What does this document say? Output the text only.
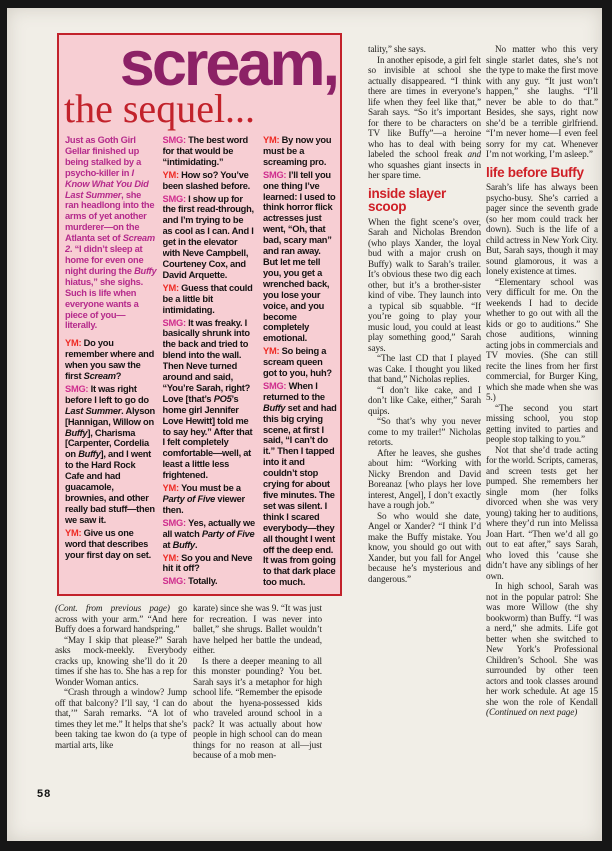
scream,
the sequel...

Just as Goth Girl Gellar finished up being stalked by a psycho-killer in I Know What You Did Last Summer, she ran headlong into the arms of yet another murderer—on the Atlanta set of Scream 2. “I didn’t sleep at home for even one night during the Buffy hiatus,” she sighs. Such is life when everyone wants a piece of you—literally.

YM: Do you remember where and when you saw the first Scream?

SMG: It was right before I left to go do Last Summer. Alyson [Hannigan, Willow on Buffy], Charisma [Carpenter, Cordelia on Buffy], and I went to the Hard Rock Cafe and had guacamole, brownies, and other really bad stuff—then we saw it.

YM: Give us one word that describes your first day on set.

SMG: The best word for that would be “intimidating.”

YM: How so? You’ve been slashed before.

SMG: I show up for the first read-through, and I’m trying to be as cool as I can. And I get in the elevator with Neve Campbell, Courteney Cox, and David Arquette.

YM: Guess that could be a little bit intimidating.

SMG: It was freaky. I basically shrunk into the back and tried to blend into the wall. Then Neve turned around and said, “You’re Sarah, right? Love [that’s PO5’s home girl Jennifer Love Hewitt] told me to say hey.” After that I felt completely comfortable—well, at least a little less frightened.

YM: You must be a Party of Five viewer then.

SMG: Yes, actually we all watch Party of Five at Buffy.

YM: So you and Neve hit it off?

SMG: Totally.

YM: By now you must be a screaming pro.

SMG: I’ll tell you one thing I’ve learned: I used to think horror flick actresses just went, “Oh, that bad, scary man” and ran away. But let me tell you, you get a wrenched back, you lose your voice, and you become completely emotional.

YM: So being a scream queen got to you, huh?

SMG: When I returned to the Buffy set and had this big crying scene, at first I said, “I can’t do it.” Then I tapped into it and couldn’t stop crying for about five minutes. The set was silent. I think I scared everybody—they all thought I went off the deep end. It was from going to that dark place too much.

tality,” she says.

In another episode, a girl felt so invisible at school she actually disappeared. “I think there are times in everyone’s life when they feel like that,” Sarah says. “So it’s important for there to be characters on TV like Buffy”—a heroine who has to deal with being labeled the school freak and who squashes giant insects in her spare time.

inside slayer scoop

When the fight scene’s over, Sarah and Nicholas Brendon (who plays Xander, the loyal bud with a major crush on Buffy) walk to Sarah’s trailer. It’s obvious these two dig each other, but it’s a brother-sister kind of vibe. They launch into a typical sib squabble. “If you’re going to play your music loud, you could at least play something good,” Sarah says.

“The last CD that I played was Cake. I thought you liked that band,” Nicholas replies.

“I don’t like cake, and I don’t like Cake, either,” Sarah quips.

“So that’s why you never come to my trailer!” Nicholas retorts.

After he leaves, she gushes about him: “Working with Nicky Brendon and David Boreanaz [who plays her love interest, Angel], I don’t exactly have a rough job.”

So who would she date, Angel or Xander? “I think I’d make the Buffy mistake. You know, you should go out with Xander, but you fall for Angel because he’s mysterious and dangerous.”

No matter who this very single starlet dates, she’s not the type to make the first move with any guy. “It just won’t happen,” she laughs. “I’ll never be able to do that.” Besides, she says, right now she’d be a terrible girlfriend. “I’m never home—I even feel sorry for my cat. Whenever I’m not working, I’m asleep.”

life before Buffy

Sarah’s life has always been psycho-busy. She’s carried a pager since the seventh grade (so her mom could track her down). Such is the life of a child actress in New York City. But, Sarah says, though it may sound glamorous, it was a lonely existence at times.

“Elementary school was very difficult for me. On the weekends I had to decide whether to go out with all the kids or go to auditions.” She chose auditions, winning acting jobs in commercials and TV movies. (She can still recite the lines from her first commercial, for Burger King, which she made when she was 5.)

“The second you start missing school, you stop getting invited to parties and people stop talking to you.”

Not that she’d trade acting for the world. Scripts, cameras, and screen tests get her pumped. She remembers her single mom (her folks divorced when she was very young) taking her to auditions, where they’d run into Melissa Joan Hart. “Then we’d all go out to eat after,” says Sarah, who loved this ’cause she didn’t have any siblings of her own.

In high school, Sarah was not in the popular patrol: She was more Willow (the shy bookworm) than Buffy. “I was a nerd,” she admits. Life got better when she switched to New York’s Professional Children’s School. She was surrounded by other teen actors and took classes around her work schedule. At age 15 she won the role of Kendall (Continued on next page)

(Cont. from previous page) go across with your arm.” “And here Buffy does a forward handspring.”

“May I skip that please?” Sarah asks mock-meekly. Everybody cracks up, knowing she’ll do it 20 times if she has to. She has a rep for Wonder Woman antics.

“Crash through a window? Jump off that balcony? I’ll say, ‘I can do that,’” Sarah remarks. “A lot of times they let me.” It helps that she’s been taking tae kwon do (a type of martial arts, like

karate) since she was 9. “It was just for recreation. I was never into ballet,” she shrugs. Ballet wouldn’t have helped her battle the undead, either.

Is there a deeper meaning to all this monster pounding? You bet. Sarah says it’s a metaphor for high school life. “Remember the episode about the hyena-possessed kids who traveled around school in a pack? It was actually about how people in high school can do mean things for no reason at all—just because of a mob men-

58
